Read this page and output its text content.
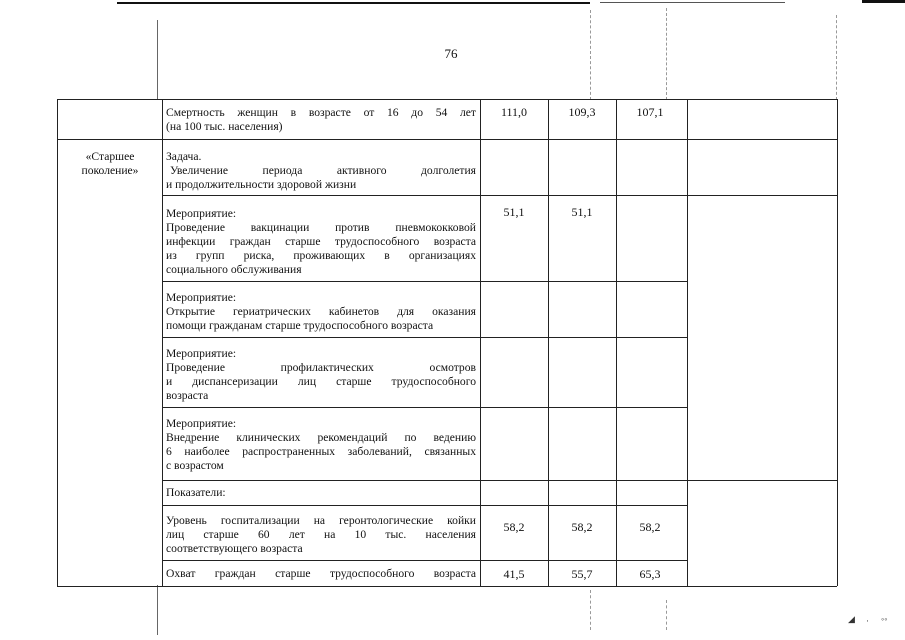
76
«Старшее поколение»
Смертность женщин в возрасте от 16 до 54 лет
(на 100 тыс. населения)
111,0	109,3	107,1
Задача.
Увеличение периода активного долголетия
и продолжительности здоровой жизни
Мероприятие:
Проведение вакцинации против пневмококковой
инфекции граждан старше трудоспособного возраста
из групп риска, проживающих в организациях
социального обслуживания
51,1	51,1
Мероприятие:
Открытие гериатрических кабинетов для оказания
помощи гражданам старше трудоспособного возраста
Мероприятие:
Проведение профилактических осмотров
и диспансеризации лиц старше трудоспособного
возраста
Мероприятие:
Внедрение клинических рекомендаций по ведению
6 наиболее распространенных заболеваний, связанных
с возрастом
Показатели:
Уровень госпитализации на геронтологические койки
лиц старше 60 лет на 10 тыс. населения
соответствующего возраста
58,2	58,2	58,2
Охват граждан старше трудоспособного возраста	41,5	55,7	65,3
◢ · ◦◦
